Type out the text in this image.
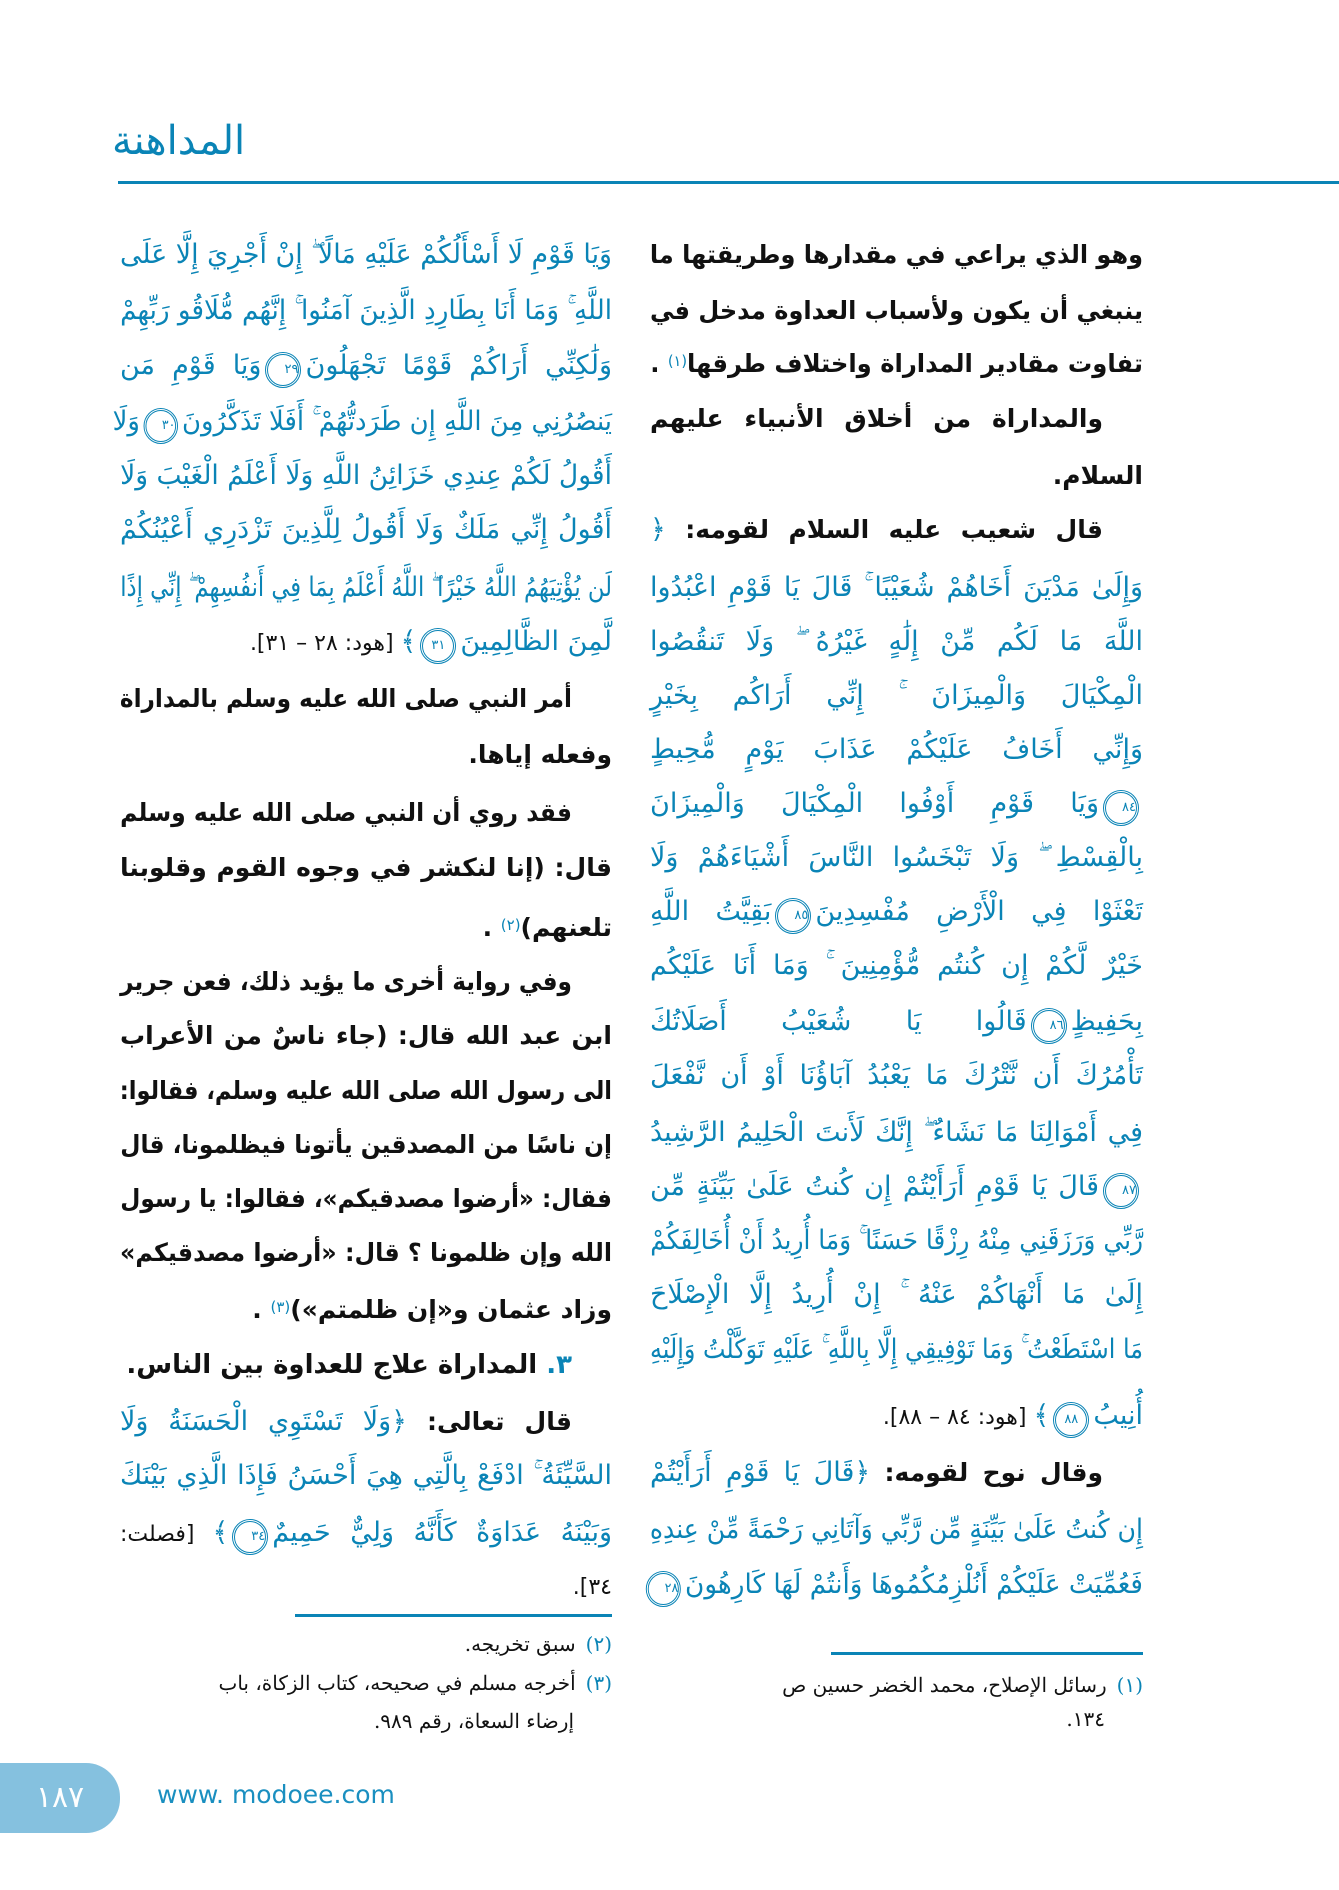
المداهنة
وهو الذي يراعي في مقدارها وطريقتها ما
ينبغي أن يكون ولأسباب العداوة مدخل في
تفاوت مقادير المداراة واختلاف طرقها(١) .
والمداراة من أخلاق الأنبياء عليهم
السلام.
قال شعيب عليه السلام لقومه: ﴿
وَإِلَىٰ مَدْيَنَ أَخَاهُمْ شُعَيْبًا ۚ قَالَ يَا قَوْمِ اعْبُدُوا
اللَّهَ مَا لَكُم مِّنْ إِلَٰهٍ غَيْرُهُ ۖ وَلَا تَنقُصُوا
الْمِكْيَالَ وَالْمِيزَانَ ۚ إِنِّي أَرَاكُم بِخَيْرٍ
وَإِنِّي أَخَافُ عَلَيْكُمْ عَذَابَ يَوْمٍ مُّحِيطٍ
٨٤وَيَا قَوْمِ أَوْفُوا الْمِكْيَالَ وَالْمِيزَانَ
بِالْقِسْطِ ۖ وَلَا تَبْخَسُوا النَّاسَ أَشْيَاءَهُمْ وَلَا
تَعْثَوْا فِي الْأَرْضِ مُفْسِدِينَ٨٥بَقِيَّتُ اللَّهِ
خَيْرٌ لَّكُمْ إِن كُنتُم مُّؤْمِنِينَ ۚ وَمَا أَنَا عَلَيْكُم
بِحَفِيظٍ٨٦قَالُوا يَا شُعَيْبُ أَصَلَاتُكَ
تَأْمُرُكَ أَن نَّتْرُكَ مَا يَعْبُدُ آبَاؤُنَا أَوْ أَن نَّفْعَلَ
فِي أَمْوَالِنَا مَا نَشَاءُ ۖ إِنَّكَ لَأَنتَ الْحَلِيمُ الرَّشِيدُ
٨٧قَالَ يَا قَوْمِ أَرَأَيْتُمْ إِن كُنتُ عَلَىٰ بَيِّنَةٍ مِّن
رَّبِّي وَرَزَقَنِي مِنْهُ رِزْقًا حَسَنًا ۚ وَمَا أُرِيدُ أَنْ أُخَالِفَكُمْ
إِلَىٰ مَا أَنْهَاكُمْ عَنْهُ ۚ إِنْ أُرِيدُ إِلَّا الْإِصْلَاحَ
مَا اسْتَطَعْتُ ۚ وَمَا تَوْفِيقِي إِلَّا بِاللَّهِ ۚ عَلَيْهِ تَوَكَّلْتُ وَإِلَيْهِ
أُنِيبُ٨٨﴾ [هود: ٨٤ – ٨٨].
وقال نوح لقومه: ﴿قَالَ يَا قَوْمِ أَرَأَيْتُمْ
إِن كُنتُ عَلَىٰ بَيِّنَةٍ مِّن رَّبِّي وَآتَانِي رَحْمَةً مِّنْ عِندِهِ
فَعُمِّيَتْ عَلَيْكُمْ أَنُلْزِمُكُمُوهَا وَأَنتُمْ لَهَا كَارِهُونَ٢٨
وَيَا قَوْمِ لَا أَسْأَلُكُمْ عَلَيْهِ مَالًا ۖ إِنْ أَجْرِيَ إِلَّا عَلَى
اللَّهِ ۚ وَمَا أَنَا بِطَارِدِ الَّذِينَ آمَنُوا ۚ إِنَّهُم مُّلَاقُو رَبِّهِمْ
وَلَٰكِنِّي أَرَاكُمْ قَوْمًا تَجْهَلُونَ٢٩وَيَا قَوْمِ مَن
يَنصُرُنِي مِنَ اللَّهِ إِن طَرَدتُّهُمْ ۚ أَفَلَا تَذَكَّرُونَ٣٠وَلَا
أَقُولُ لَكُمْ عِندِي خَزَائِنُ اللَّهِ وَلَا أَعْلَمُ الْغَيْبَ وَلَا
أَقُولُ إِنِّي مَلَكٌ وَلَا أَقُولُ لِلَّذِينَ تَزْدَرِي أَعْيُنُكُمْ
لَن يُؤْتِيَهُمُ اللَّهُ خَيْرًا ۖ اللَّهُ أَعْلَمُ بِمَا فِي أَنفُسِهِمْ ۖ إِنِّي إِذًا
لَّمِنَ الظَّالِمِينَ٣١﴾ [هود: ٢٨ – ٣١].
أمر النبي صلى الله عليه وسلم بالمداراة
وفعله إياها.
فقد روي أن النبي صلى الله عليه وسلم
قال: (إنا لنكشر في وجوه القوم وقلوبنا
تلعنهم)(٢) .
وفي رواية أخرى ما يؤيد ذلك، فعن جرير
ابن عبد الله قال: (جاء ناسٌ من الأعراب
الى رسول الله صلى الله عليه وسلم، فقالوا:
إن ناسًا من المصدقين يأتونا فيظلمونا، قال
فقال: «أرضوا مصدقيكم»، فقالوا: يا رسول
الله وإن ظلمونا ؟ قال: «أرضوا مصدقيكم»
وزاد عثمان و«إن ظلمتم»)(٣) .
٣. المداراة علاج للعداوة بين الناس.
قال تعالى: ﴿وَلَا تَسْتَوِي الْحَسَنَةُ وَلَا
السَّيِّئَةُ ۚ ادْفَعْ بِالَّتِي هِيَ أَحْسَنُ فَإِذَا الَّذِي بَيْنَكَ
وَبَيْنَهُ عَدَاوَةٌ كَأَنَّهُ وَلِيٌّ حَمِيمٌ٣٤﴾ [فصلت:
٣٤].
(١)رسائل الإصلاح، محمد الخضر حسين ص
١٣٤.
(٢)سبق تخريجه.
(٣)أخرجه مسلم في صحيحه، كتاب الزكاة، باب
إرضاء السعاة، رقم ٩٨٩.
١٨٧	www. modoee.com
